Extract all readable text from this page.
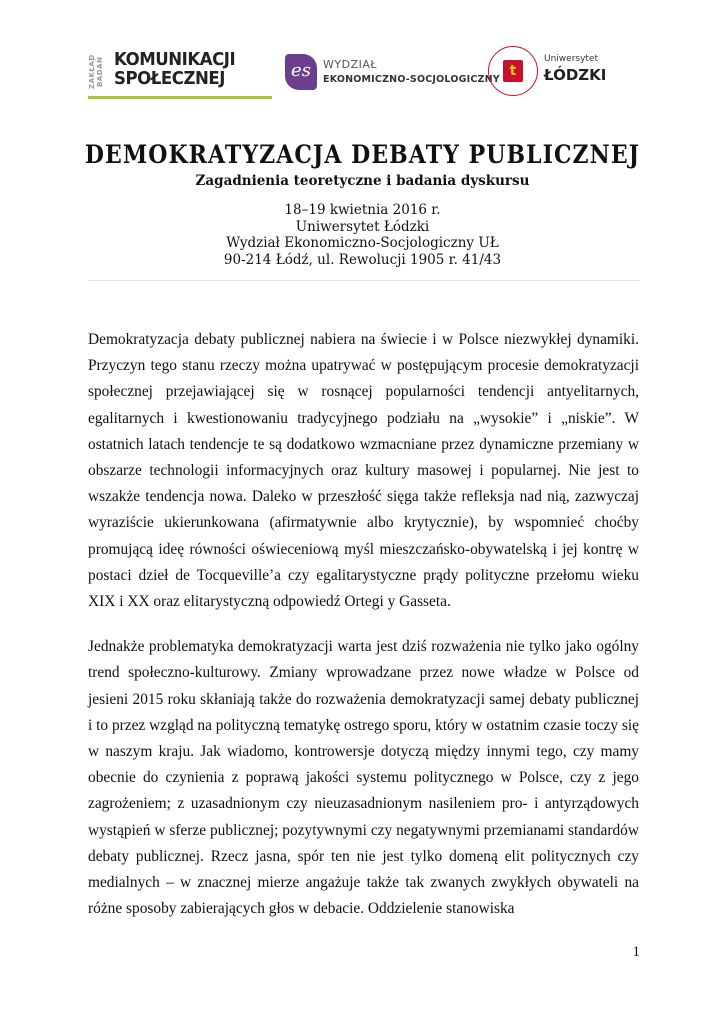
ZAKŁAD BADAŃ KOMUNIKACJI
SPOŁECZNEJ	es	WYDZIAŁ
EKONOMICZNO-SOCJOLOGICZNY
t
Uniwersytet
ŁÓDZKI
DEMOKRATYZACJA DEBATY PUBLICZNEJ
Zagadnienia teoretyczne i badania dyskursu
18–19 kwietnia 2016 r.
Uniwersytet Łódzki
Wydział Ekonomiczno-Socjologiczny UŁ
90-214 Łódź, ul. Rewolucji 1905 r. 41/43

Demokratyzacja debaty publicznej nabiera na świecie i w Polsce niezwykłej dynamiki. Przyczyn tego stanu rzeczy można upatrywać w postępującym procesie demokratyzacji społecznej przejawiającej się w rosnącej popularności tendencji antyelitarnych, egalitarnych i kwestionowaniu tradycyjnego podziału na „wysokie” i „niskie”. W ostatnich latach tendencje te są dodatkowo wzmacniane przez dynamiczne przemiany w obszarze technologii informacyjnych oraz kultury masowej i popularnej. Nie jest to wszakże tendencja nowa. Daleko w przeszłość sięga także refleksja nad nią, zazwyczaj wyraziście ukierunkowana (afirmatywnie albo krytycznie), by wspomnieć choćby promującą ideę równości oświeceniową myśl mieszczańsko-obywatelską i jej kontrę w postaci dzieł de Tocqueville’a czy egalitarystyczne prądy polityczne przełomu wieku XIX i XX oraz elitarystyczną odpowiedź Ortegi y Gasseta.

Jednakże problematyka demokratyzacji warta jest dziś rozważenia nie tylko jako ogólny trend społeczno-kulturowy. Zmiany wprowadzane przez nowe władze w Polsce od jesieni 2015 roku skłaniają także do rozważenia demokratyzacji samej debaty publicznej i to przez wzgląd na polityczną tematykę ostrego sporu, który w ostatnim czasie toczy się w naszym kraju. Jak wiadomo, kontrowersje dotyczą między innymi tego, czy mamy obecnie do czynienia z poprawą jakości systemu politycznego w Polsce, czy z jego zagrożeniem; z uzasadnionym czy nieuzasadnionym nasileniem pro- i antyrządowych wystąpień w sferze publicznej; pozytywnymi czy negatywnymi przemianami standardów debaty publicznej. Rzecz jasna, spór ten nie jest tylko domeną elit politycznych czy medialnych – w znacznej mierze angażuje także tak zwanych zwykłych obywateli na różne sposoby zabierających głos w debacie. Oddzielenie stanowiska

1
